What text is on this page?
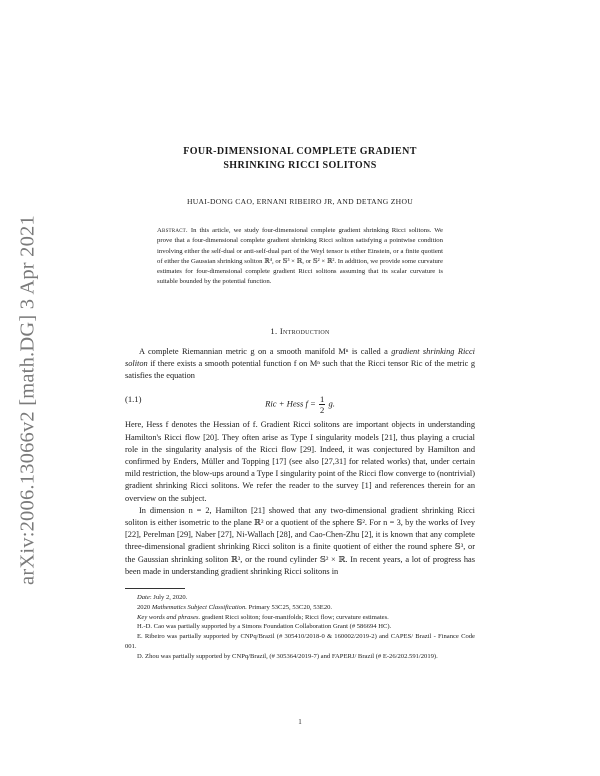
arXiv:2006.13066v2 [math.DG] 3 Apr 2021
FOUR-DIMENSIONAL COMPLETE GRADIENT
SHRINKING RICCI SOLITONS
HUAI-DONG CAO, ERNANI RIBEIRO JR, AND DETANG ZHOU
Abstract. In this article, we study four-dimensional complete gradient shrinking Ricci solitons. We prove that a four-dimensional complete gradient shrinking Ricci soliton satisfying a pointwise condition involving either the self-dual or anti-self-dual part of the Weyl tensor is either Einstein, or a finite quotient of either the Gaussian shrinking soliton ℝ⁴, or 𝕊³ × ℝ, or 𝕊² × ℝ². In addition, we provide some curvature estimates for four-dimensional complete gradient Ricci solitons assuming that its scalar curvature is suitable bounded by the potential function.
1. Introduction

A complete Riemannian metric g on a smooth manifold Mⁿ is called a gradient shrinking Ricci soliton if there exists a smooth potential function f on Mⁿ such that the Ricci tensor Ric of the metric g satisfies the equation

(1.1)	Ric + Hess $f = \frac{1}{2} g$.

Here, Hess f denotes the Hessian of f. Gradient Ricci solitons are important objects in understanding Hamilton's Ricci flow [20]. They often arise as Type I singularity models [21], thus playing a crucial role in the singularity analysis of the Ricci flow [29]. Indeed, it was conjectured by Hamilton and confirmed by Enders, Müller and Topping [17] (see also [27,31] for related works) that, under certain mild restriction, the blow-ups around a Type I singularity point of the Ricci flow converge to (nontrivial) gradient shrinking Ricci solitons. We refer the reader to the survey [1] and references therein for an overview on the subject.

In dimension n = 2, Hamilton [21] showed that any two-dimensional gradient shrinking Ricci soliton is either isometric to the plane ℝ² or a quotient of the sphere 𝕊². For n = 3, by the works of Ivey [22], Perelman [29], Naber [27], Ni-Wallach [28], and Cao-Chen-Zhu [2], it is known that any complete three-dimensional gradient shrinking Ricci soliton is a finite quotient of either the round sphere 𝕊³, or the Gaussian shrinking soliton ℝ³, or the round cylinder 𝕊² × ℝ. In recent years, a lot of progress has been made in understanding gradient shrinking Ricci solitons in

Date: July 2, 2020.

2020 Mathematics Subject Classification. Primary 53C25, 53C20, 53E20.

Key words and phrases. gradient Ricci soliton; four-manifolds; Ricci flow; curvature estimates.

H.-D. Cao was partially supported by a Simons Foundation Collaboration Grant (# 586694 HC).

E. Ribeiro was partially supported by CNPq/Brazil (# 305410/2018-0 & 160002/2019-2) and CAPES/ Brazil - Finance Code 001.

D. Zhou was partially supported by CNPq/Brazil, (# 305364/2019-7) and FAPERJ/ Brazil (# E-26/202.591/2019).

1
